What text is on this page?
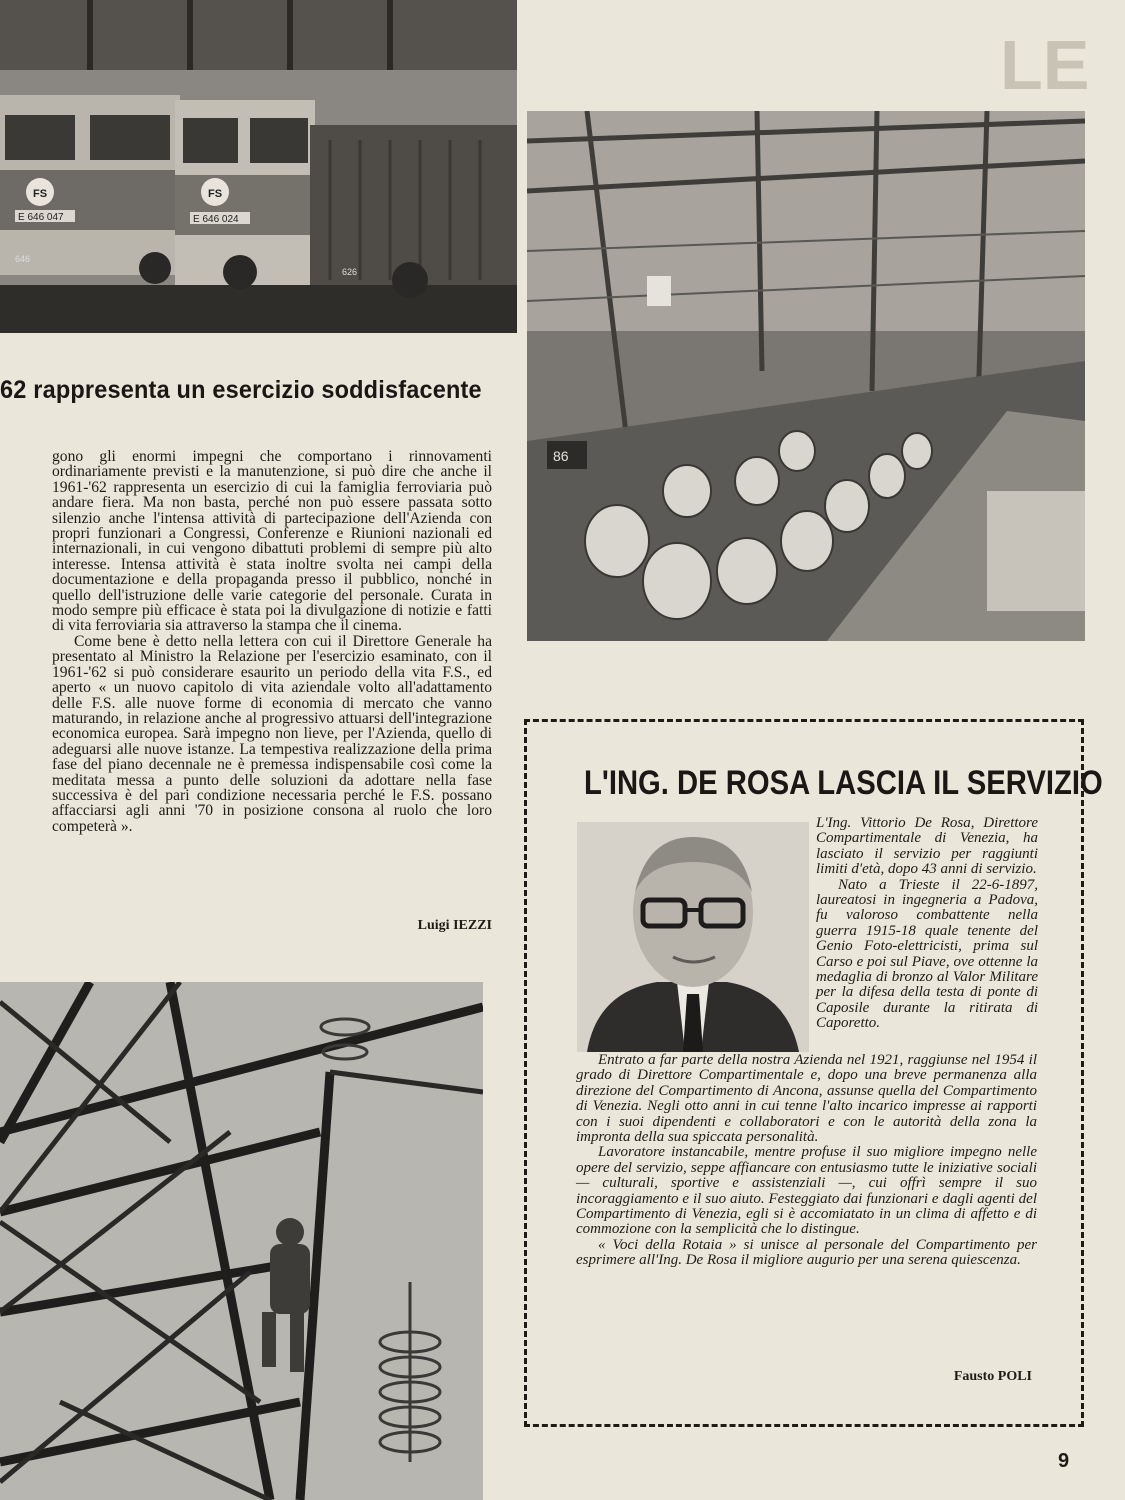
FS	FS
E 646 047	E 646 024
646
626
LE
86
62 rappresenta un esercizio soddisfacente

gono gli enormi impegni che comportano i rinnovamenti ordinariamente previsti e la manutenzione, si può dire che anche il 1961-'62 rappresenta un esercizio di cui la famiglia ferroviaria può andare fiera. Ma non basta, perché non può essere passata sotto silenzio anche l'intensa attività di partecipazione dell'Azienda con propri funzionari a Congressi, Conferenze e Riunioni nazionali ed internazionali, in cui vengono dibattuti problemi di sempre più alto interesse. Intensa attività è stata inoltre svolta nei campi della documentazione e della propaganda presso il pubblico, nonché in quello dell'istruzione delle varie categorie del personale. Curata in modo sempre più efficace è stata poi la divulgazione di notizie e fatti di vita ferroviaria sia attraverso la stampa che il cinema.

Come bene è detto nella lettera con cui il Direttore Generale ha presentato al Ministro la Relazione per l'esercizio esaminato, con il 1961-'62 si può considerare esaurito un periodo della vita F.S., ed aperto « un nuovo capitolo di vita aziendale volto all'adattamento delle F.S. alle nuove forme di economia di mercato che vanno maturando, in relazione anche al progressivo attuarsi dell'integrazione economica europea. Sarà impegno non lieve, per l'Azienda, quello di adeguarsi alle nuove istanze. La tempestiva realizzazione della prima fase del piano decennale ne è premessa indispensabile così come la meditata messa a punto delle soluzioni da adottare nella fase successiva è del pari condizione necessaria perché le F.S. possano affacciarsi agli anni '70 in posizione consona al ruolo che loro competerà ».

Luigi IEZZI
L'ING. DE ROSA LASCIA IL SERVIZIO

L'Ing. Vittorio De Rosa, Direttore Compartimentale di Venezia, ha lasciato il servizio per raggiunti limiti d'età, dopo 43 anni di servizio.

Nato a Trieste il 22-6-1897, laureatosi in ingegneria a Padova, fu valoroso combattente nella guerra 1915-18 quale tenente del Genio Foto-elettricisti, prima sul Carso e poi sul Piave, ove ottenne la medaglia di bronzo al Valor Militare per la difesa della testa di ponte di Caposile durante la ritirata di Caporetto.

Entrato a far parte della nostra Azienda nel 1921, raggiunse nel 1954 il grado di Direttore Compartimentale e, dopo una breve permanenza alla direzione del Compartimento di Ancona, assunse quella del Compartimento di Venezia. Negli otto anni in cui tenne l'alto incarico impresse ai rapporti con i suoi dipendenti e collaboratori e con le autorità della zona la impronta della sua spiccata personalità.

Lavoratore instancabile, mentre profuse il suo migliore impegno nelle opere del servizio, seppe affiancare con entusiasmo tutte le iniziative sociali — culturali, sportive e assistenziali —, cui offrì sempre il suo incoraggiamento e il suo aiuto. Festeggiato dai funzionari e dagli agenti del Compartimento di Venezia, egli si è accomiatato in un clima di affetto e di commozione con la semplicità che lo distingue.

« Voci della Rotaia » si unisce al personale del Compartimento per esprimere all'Ing. De Rosa il migliore augurio per una serena quiescenza.

Fausto POLI
9
